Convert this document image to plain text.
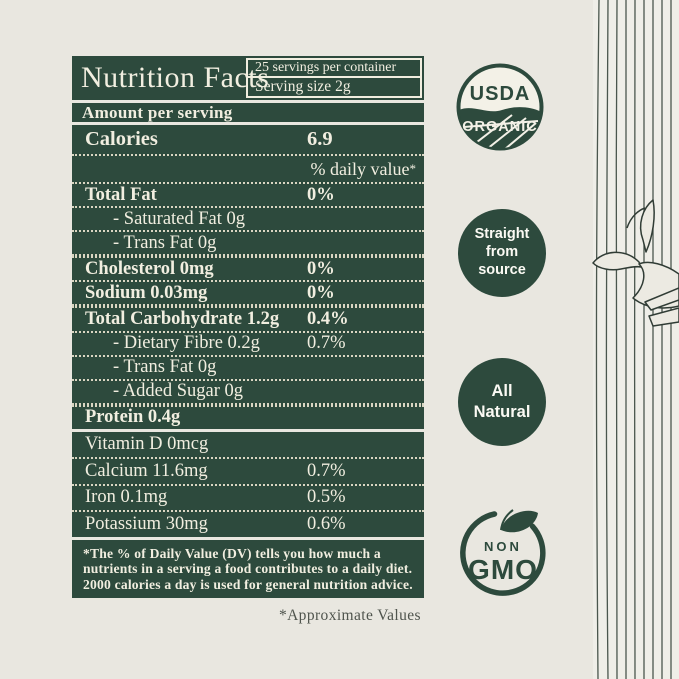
Nutrition Facts
25 servings per container
Serving size 2g
Amount per serving
Calories	6.9
% daily value *
Total Fat	0%
- Saturated Fat 0g
- Trans Fat 0g
Cholesterol 0mg	0%
Sodium 0.03mg	0%
Total Carbohydrate 1.2g 0.4%
- Dietary Fibre 0.2g	0.7%
- Trans Fat 0g
- Added Sugar 0g
Protein 0.4g
Vitamin D 0mcg
Calcium 11.6mg	0.7%
Iron 0.1mg	0.5%
Potassium 30mg	0.6%
*The % of Daily Value (DV) tells you how much a nutrients in a serving a food contributes to a daily diet. 2000 calories a day is used for general nutrition advice.
*Approximate Values
USDA
ORGANIC
Straight
from
source
All
Natural
NON
GMO
